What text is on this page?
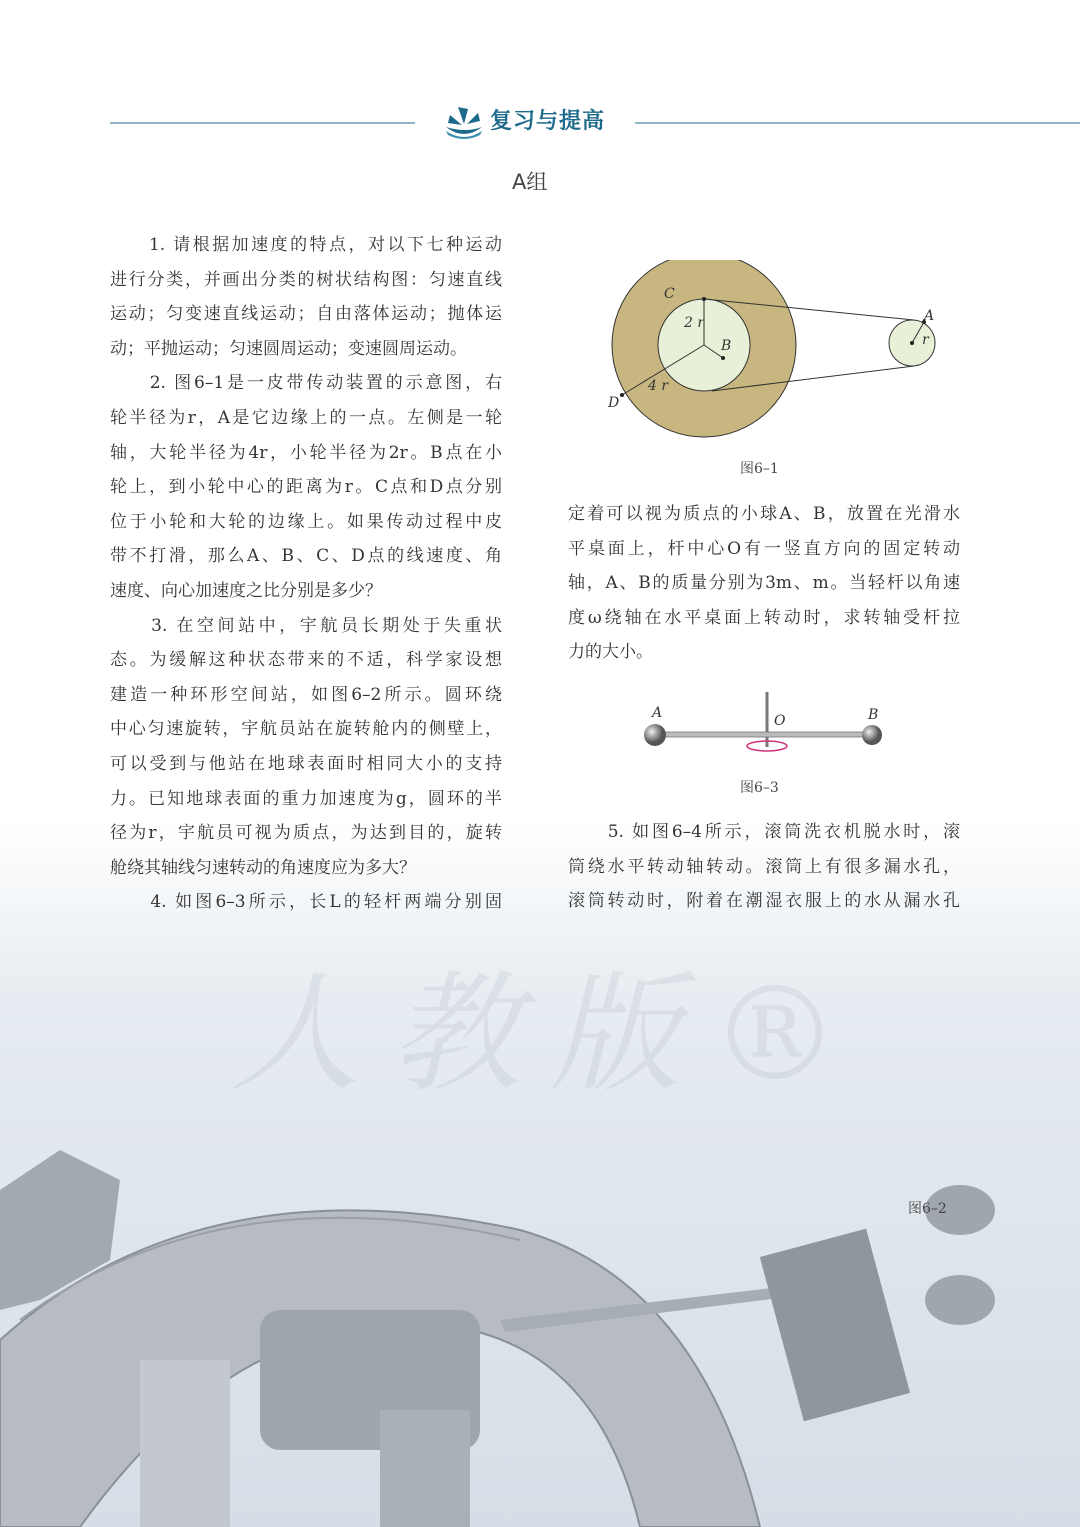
复习与提高
A组
　　1. 请根据加速度的特点，对以下七种运动
进行分类，并画出分类的树状结构图：匀速直线
运动；匀变速直线运动；自由落体运动；抛体运
动；平抛运动；匀速圆周运动；变速圆周运动。
　　2. 图6–1是一皮带传动装置的示意图，右
轮半径为r，A是它边缘上的一点。左侧是一轮
轴，大轮半径为4r，小轮半径为2r。B点在小
轮上，到小轮中心的距离为r。C点和D点分别
位于小轮和大轮的边缘上。如果传动过程中皮
带不打滑，那么A、B、C、D点的线速度、角
速度、向心加速度之比分别是多少？
　　3. 在空间站中，宇航员长期处于失重状
态。为缓解这种状态带来的不适，科学家设想
建造一种环形空间站，如图6–2所示。圆环绕
中心匀速旋转，宇航员站在旋转舱内的侧壁上，
可以受到与他站在地球表面时相同大小的支持
力。已知地球表面的重力加速度为g，圆环的半
径为r，宇航员可视为质点，为达到目的，旋转
舱绕其轴线匀速转动的角速度应为多大？
　　4. 如图6–3所示，长L的轻杆两端分别固
定着可以视为质点的小球A、B，放置在光滑水
平桌面上，杆中心O有一竖直方向的固定转动
轴，A、B的质量分别为3m、m。当轻杆以角速
度ω绕轴在水平桌面上转动时，求转轴受杆拉
力的大小。
　　5. 如图6–4所示，滚筒洗衣机脱水时，滚
筒绕水平转动轴转动。滚筒上有很多漏水孔，
滚筒转动时，附着在潮湿衣服上的水从漏水孔
C
2 r
B
4 r
D
A
r
图6–1
A	O	B
图6–3
人教版®
图6–2
